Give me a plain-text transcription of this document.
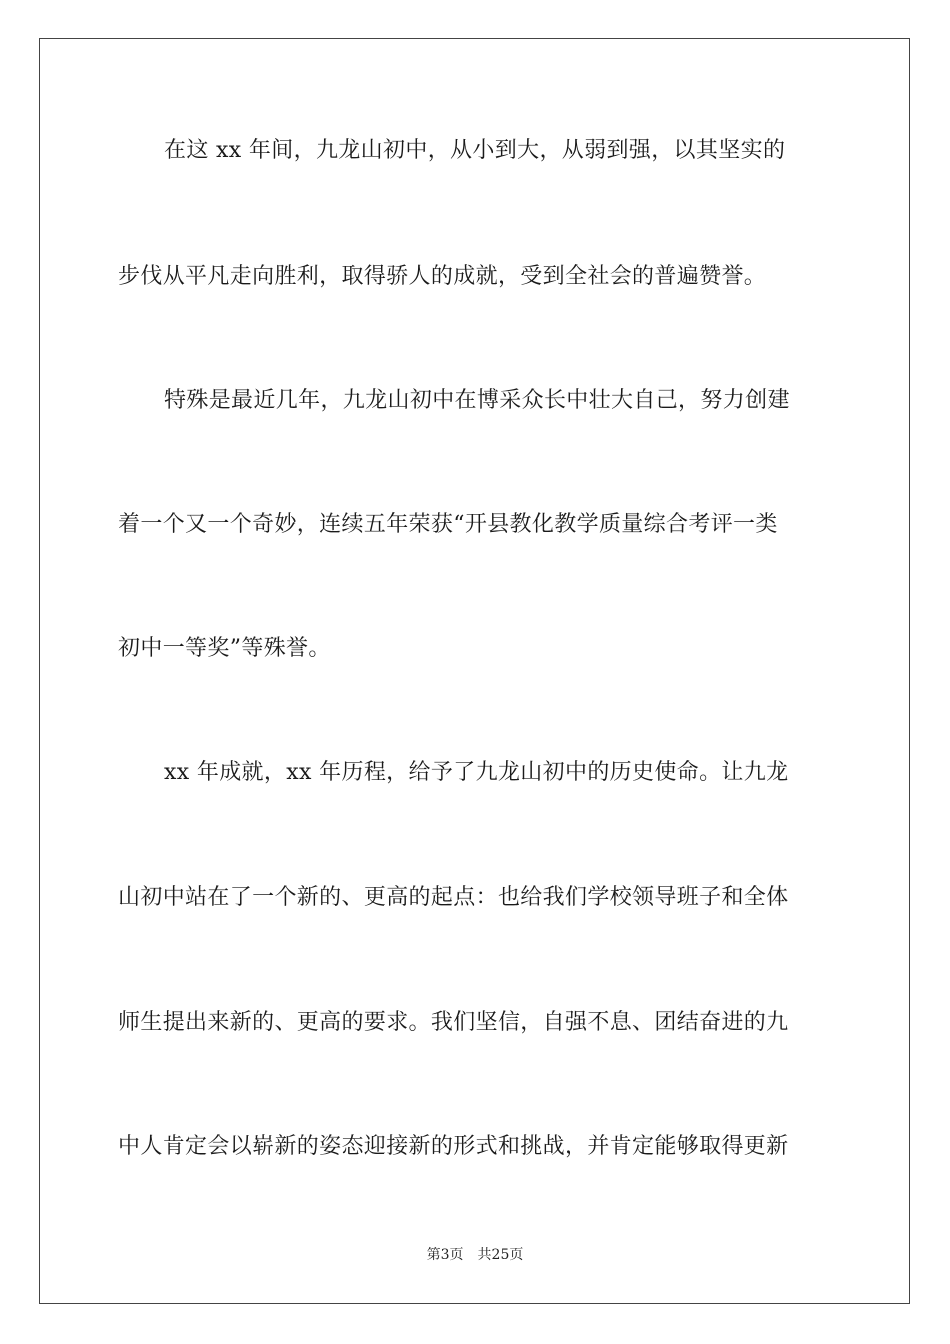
在这 xx 年间，九龙山初中，从小到大，从弱到强，以其坚实的
步伐从平凡走向胜利，取得骄人的成就，受到全社会的普遍赞誉。
特殊是最近几年，九龙山初中在博采众长中壮大自己，努力创建
着一个又一个奇妙，连续五年荣获“开县教化教学质量综合考评一类
初中一等奖”等殊誉。
xx 年成就，xx 年历程，给予了九龙山初中的历史使命。让九龙
山初中站在了一个新的、更高的起点：也给我们学校领导班子和全体
师生提出来新的、更高的要求。我们坚信，自强不息、团结奋进的九
中人肯定会以崭新的姿态迎接新的形式和挑战，并肯定能够取得更新
第3页 共25页
